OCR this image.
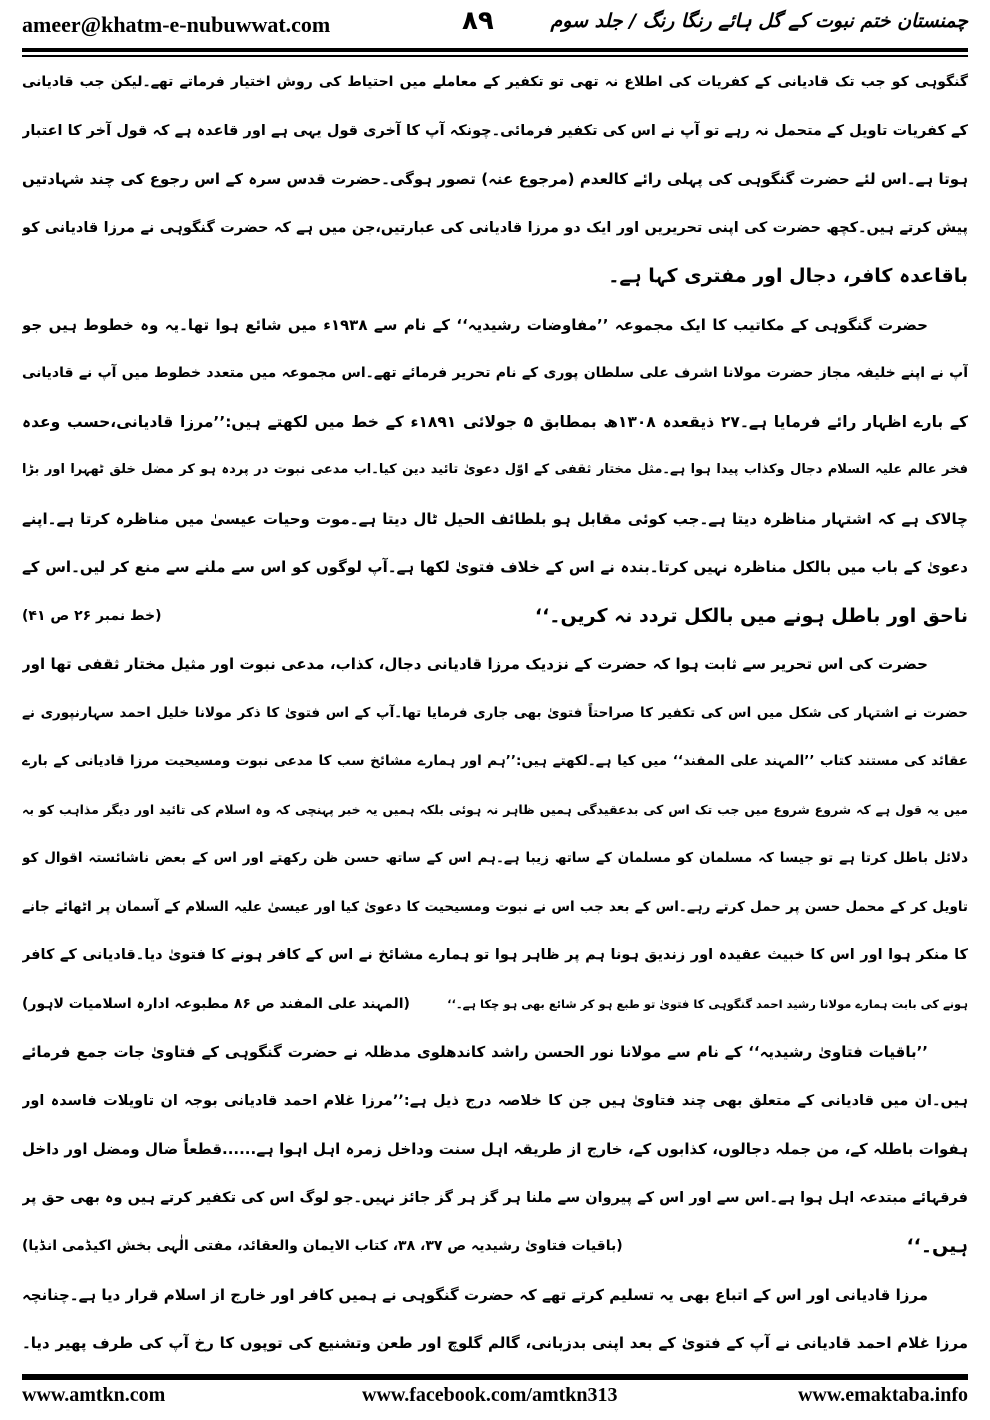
ameer@khatm-e-nubuwwat.com	۸۹	چمنستان ختم نبوت کے گل ہائے رنگا رنگ / جلد سوم
گنگوہی کو جب تک قادیانی کے کفریات کی اطلاع نہ تھی تو تکفیر کے معاملے میں احتیاط کی روش اختیار فرماتے تھے۔لیکن جب قادیانی
کے کفریات تاویل کے متحمل نہ رہے تو آپ نے اس کی تکفیر فرمائی۔چونکہ آپ کا آخری قول یہی ہے اور قاعدہ ہے کہ قول آخر کا اعتبار
ہوتا ہے۔اس لئے حضرت گنگوہی کی پہلی رائے کالعدم (مرجوع عنہ) تصور ہوگی۔حضرت قدس سرہ کے اس رجوع کی چند شہادتیں
پیش کرتے ہیں۔کچھ حضرت کی اپنی تحریریں اور ایک دو مرزا قادیانی کی عبارتیں،جن میں ہے کہ حضرت گنگوہی نے مرزا قادیانی کو
باقاعدہ کافر، دجال اور مفتری کہا ہے۔
حضرت گنگوہی کے مکاتیب کا ایک مجموعہ ’’مفاوضات رشیدیہ‘‘ کے نام سے ۱۹۳۸ء میں شائع ہوا تھا۔یہ وہ خطوط ہیں جو
آپ نے اپنے خلیفہ مجاز حضرت مولانا اشرف علی سلطان پوری کے نام تحریر فرمائے تھے۔اس مجموعہ میں متعدد خطوط میں آپ نے قادیانی
کے بارے اظہار رائے فرمایا ہے۔۲۷ ذیقعدہ ۱۳۰۸ھ بمطابق ۵ جولائی ۱۸۹۱ء کے خط میں لکھتے ہیں:’’مرزا قادیانی،حسب وعدہ
فخر عالم علیہ السلام دجال وکذاب پیدا ہوا ہے۔مثل مختار ثقفی کے اوّل دعویٰ تائید دین کیا۔اب مدعی نبوت در پردہ ہو کر مضل خلق ٹھہرا اور بڑا
چالاک ہے کہ اشتہار مناظرہ دیتا ہے۔جب کوئی مقابل ہو بلطائف الحیل ٹال دیتا ہے۔موت وحیات عیسیٰ میں مناظرہ کرتا ہے۔اپنے
دعویٰ کے باب میں بالکل مناظرہ نہیں کرتا۔بندہ نے اس کے خلاف فتویٰ لکھا ہے۔آپ لوگوں کو اس سے ملنے سے منع کر لیں۔اس کے
ناحق اور باطل ہونے میں بالکل تردد نہ کریں۔‘‘
(خط نمبر ۲۶ ص ۴۱)
حضرت کی اس تحریر سے ثابت ہوا کہ حضرت کے نزدیک مرزا قادیانی دجال، کذاب، مدعی نبوت اور مثیل مختار ثقفی تھا اور
حضرت نے اشتہار کی شکل میں اس کی تکفیر کا صراحتاً فتویٰ بھی جاری فرمایا تھا۔آپ کے اس فتویٰ کا ذکر مولانا خلیل احمد سہارنپوری نے
عقائد کی مستند کتاب ’’المہند علی المفند‘‘ میں کیا ہے۔لکھتے ہیں:’’ہم اور ہمارے مشائخ سب کا مدعی نبوت ومسیحیت مرزا قادیانی کے بارے
میں یہ قول ہے کہ شروع شروع میں جب تک اس کی بدعقیدگی ہمیں ظاہر نہ ہوئی بلکہ ہمیں یہ خبر پہنچی کہ وہ اسلام کی تائید اور دیگر مذاہب کو بہ
دلائل باطل کرتا ہے تو جیسا کہ مسلمان کو مسلمان کے ساتھ زیبا ہے۔ہم اس کے ساتھ حسن ظن رکھتے اور اس کے بعض ناشائستہ اقوال کو
تاویل کر کے محمل حسن پر حمل کرتے رہے۔اس کے بعد جب اس نے نبوت ومسیحیت کا دعویٰ کیا اور عیسیٰ علیہ السلام کے آسمان پر اٹھائے جانے
کا منکر ہوا اور اس کا خبیث عقیدہ اور زندیق ہونا ہم پر ظاہر ہوا تو ہمارے مشائخ نے اس کے کافر ہونے کا فتویٰ دیا۔قادیانی کے کافر
ہونے کی بابت ہمارے مولانا رشید احمد گنگوہی کا فتویٰ تو طبع ہو کر شائع بھی ہو چکا ہے۔‘‘
(المہند علی المفند ص ۸۶ مطبوعہ ادارہ اسلامیات لاہور)
’’باقیات فتاویٰ رشیدیہ‘‘ کے نام سے مولانا نور الحسن راشد کاندھلوی مدظلہ نے حضرت گنگوہی کے فتاویٰ جات جمع فرمائے
ہیں۔ان میں قادیانی کے متعلق بھی چند فتاویٰ ہیں جن کا خلاصہ درج ذیل ہے:’’مرزا غلام احمد قادیانی بوجہ ان تاویلات فاسدہ اور
ہفوات باطلہ کے، من جملہ دجالوں، کذابوں کے، خارج از طریقہ اہل سنت وداخل زمرہ اہل اہوا ہے......قطعاً ضال ومضل اور داخل
فرقہائے مبتدعہ اہل ہوا ہے۔اس سے اور اس کے پیروان سے ملنا ہر گز ہر گز جائز نہیں۔جو لوگ اس کی تکفیر کرتے ہیں وہ بھی حق پر
ہیں۔‘‘
(باقیات فتاویٰ رشیدیہ ص ۳۷، ۳۸، کتاب الایمان والعقائد، مفتی الٰہی بخش اکیڈمی انڈیا)
مرزا قادیانی اور اس کے اتباع بھی یہ تسلیم کرتے تھے کہ حضرت گنگوہی نے ہمیں کافر اور خارج از اسلام قرار دیا ہے۔چنانچہ
مرزا غلام احمد قادیانی نے آپ کے فتویٰ کے بعد اپنی بدزبانی، گالم گلوچ اور طعن وتشنیع کی توپوں کا رخ آپ کی طرف پھیر دیا۔
www.amtkn.com	www.facebook.com/amtkn313	www.emaktaba.info
